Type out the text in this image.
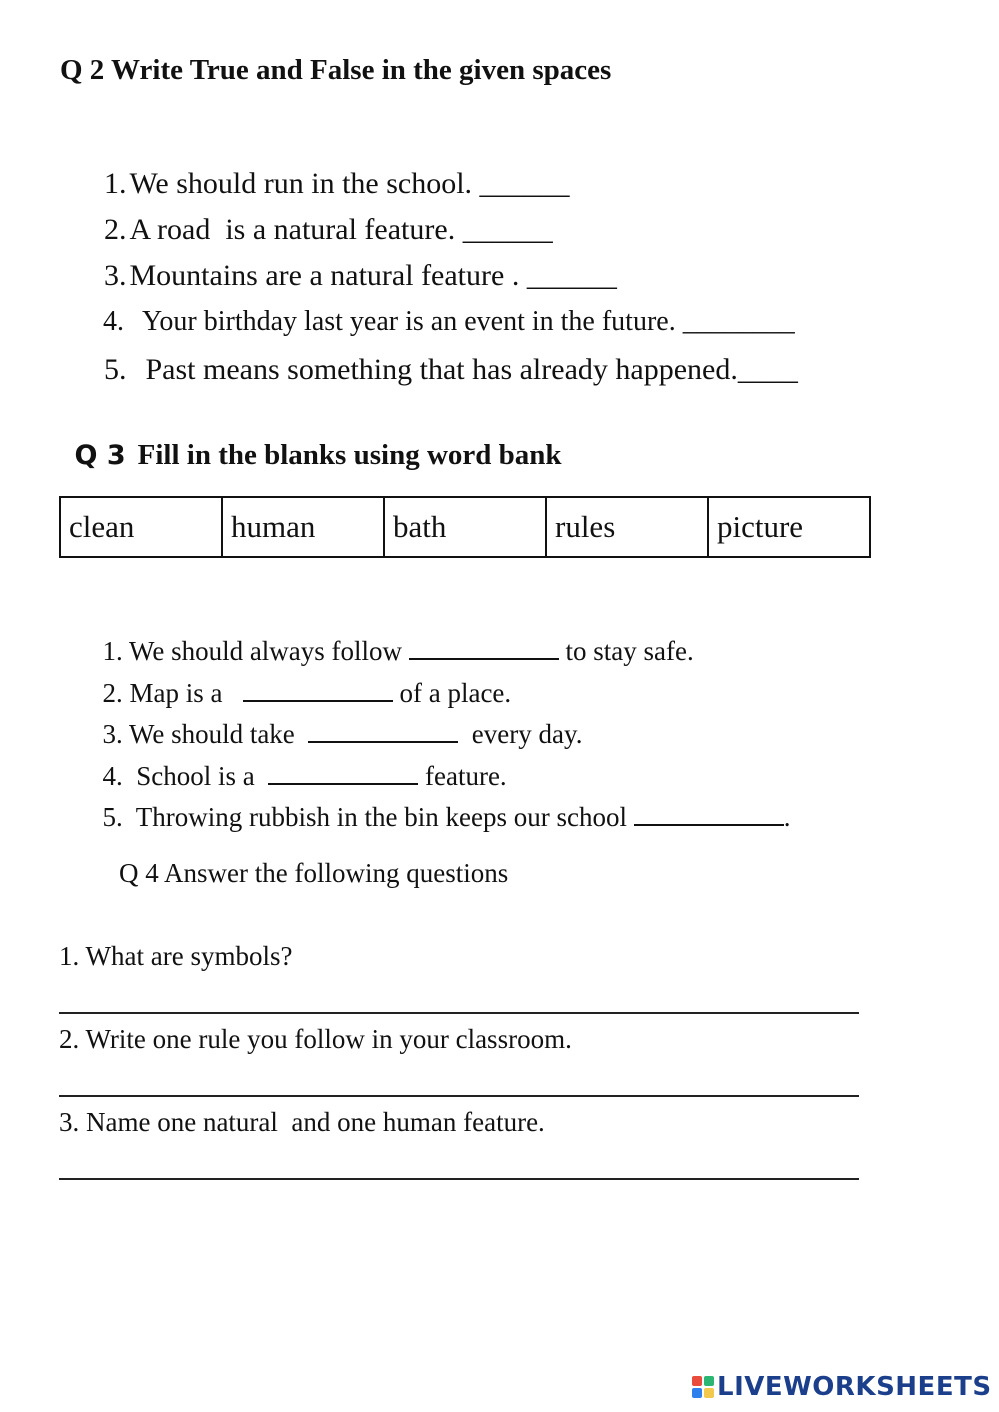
Q 2 Write True and False in the given spaces

1. We should run in the school. ______

2. A road  is a natural feature. ______

3. Mountains are a natural feature . ______

4. Your birthday last year is an event in the future. ________

5. Past means something that has already happened.____

Q 3 Fill in the blanks using word bank

clean	human	bath	rules	picture

1. We should always follow	to stay safe.

2. Map is a	of a place.

3. We should take	every day.

4.  School is a	feature.

5.  Throwing rubbish in the bin keeps our school	.

Q 4 Answer the following questions
1. What are symbols?
2. Write one rule you follow in your classroom.
3. Name one natural  and one human feature.
LIVEWORKSHEETS
